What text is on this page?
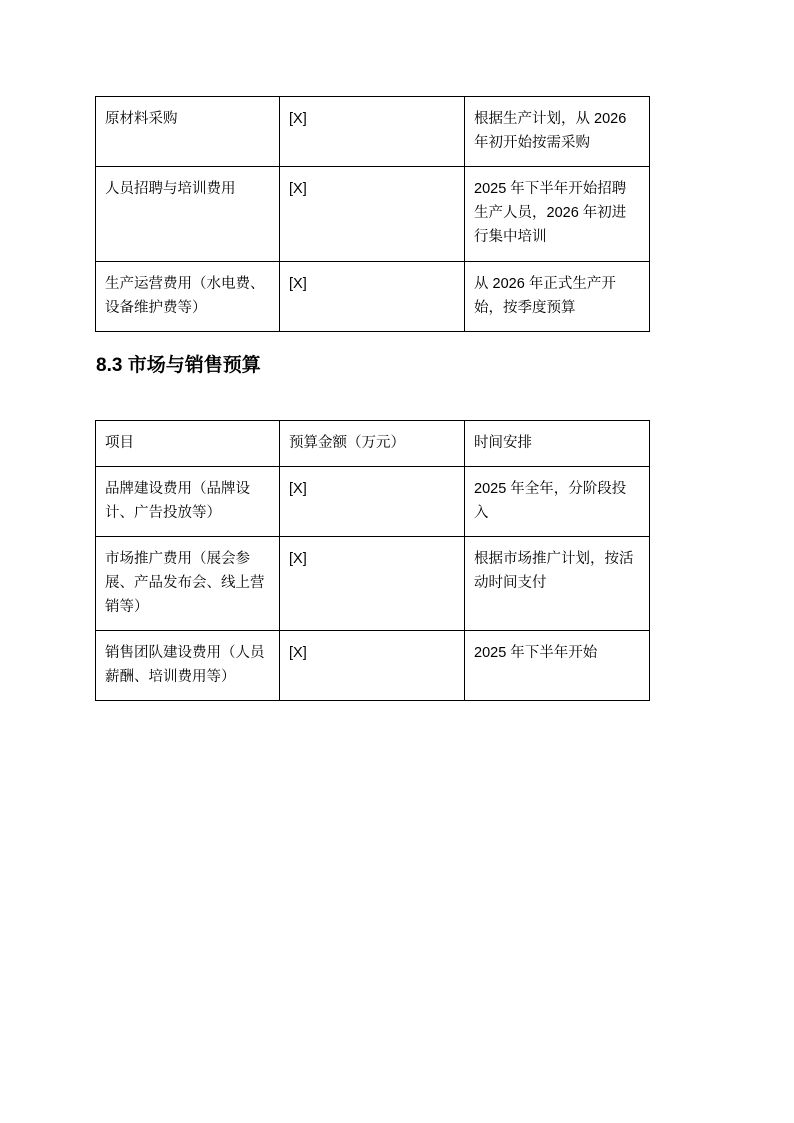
原材料采购	[X]	根据生产计划，从 2026 年初开始按需采购
人员招聘与培训费用	[X]	2025 年下半年开始招聘生产人员，2026 年初进行集中培训
生产运营费用（水电费、设备维护费等）	[X]	从 2026 年正式生产开始，按季度预算
8.3 市场与销售预算
项目	预算金额（万元）	时间安排
品牌建设费用（品牌设计、广告投放等）	[X]	2025 年全年，分阶段投入
市场推广费用（展会参展、产品发布会、线上营销等）	[X]	根据市场推广计划，按活动时间支付
销售团队建设费用（人员薪酬、培训费用等）	[X]	2025 年下半年开始
